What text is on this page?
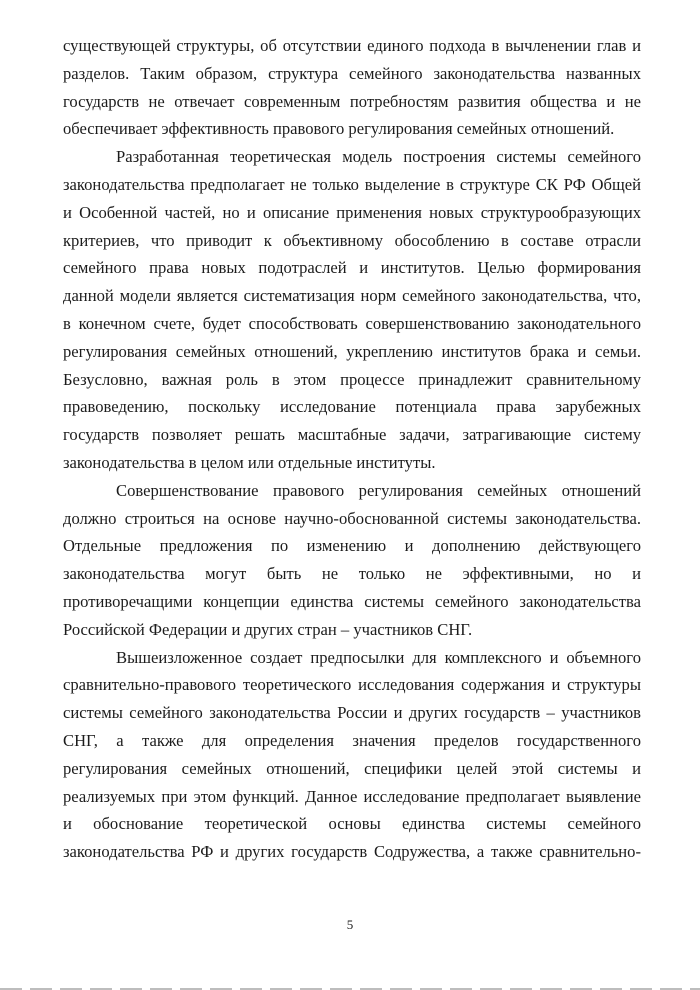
существующей структуры, об отсутствии единого подхода в вычленении глав и
разделов. Таким образом, структура семейного законодательства названных
государств не отвечает современным потребностям развития общества и не
обеспечивает эффективность правового регулирования семейных отношений.
Разработанная теоретическая модель построения системы семейного
законодательства предполагает не только выделение в структуре СК РФ Общей
и Особенной частей, но и описание применения новых структурообразующих
критериев, что приводит к объективному обособлению в составе отрасли
семейного права новых подотраслей и институтов. Целью формирования
данной модели является систематизация норм семейного законодательства, что,
в конечном счете, будет способствовать совершенствованию законодательного
регулирования семейных отношений, укреплению институтов брака и семьи.
Безусловно, важная роль в этом процессе принадлежит сравнительному
правоведению, поскольку исследование потенциала права зарубежных
государств позволяет решать масштабные задачи, затрагивающие систему
законодательства в целом или отдельные институты.
Совершенствование правового регулирования семейных отношений
должно строиться на основе научно-обоснованной системы законодательства.
Отдельные предложения по изменению и дополнению действующего
законодательства могут быть не только не эффективными, но и
противоречащими концепции единства системы семейного законодательства
Российской Федерации и других стран – участников СНГ.
Вышеизложенное создает предпосылки для комплексного и объемного
сравнительно-правового теоретического исследования содержания и структуры
системы семейного законодательства России и других государств – участников
СНГ, а также для определения значения пределов государственного
регулирования семейных отношений, специфики целей этой системы и
реализуемых при этом функций. Данное исследование предполагает выявление
и обоснование теоретической основы единства системы семейного
законодательства РФ и других государств Содружества, а также сравнительно-
5
